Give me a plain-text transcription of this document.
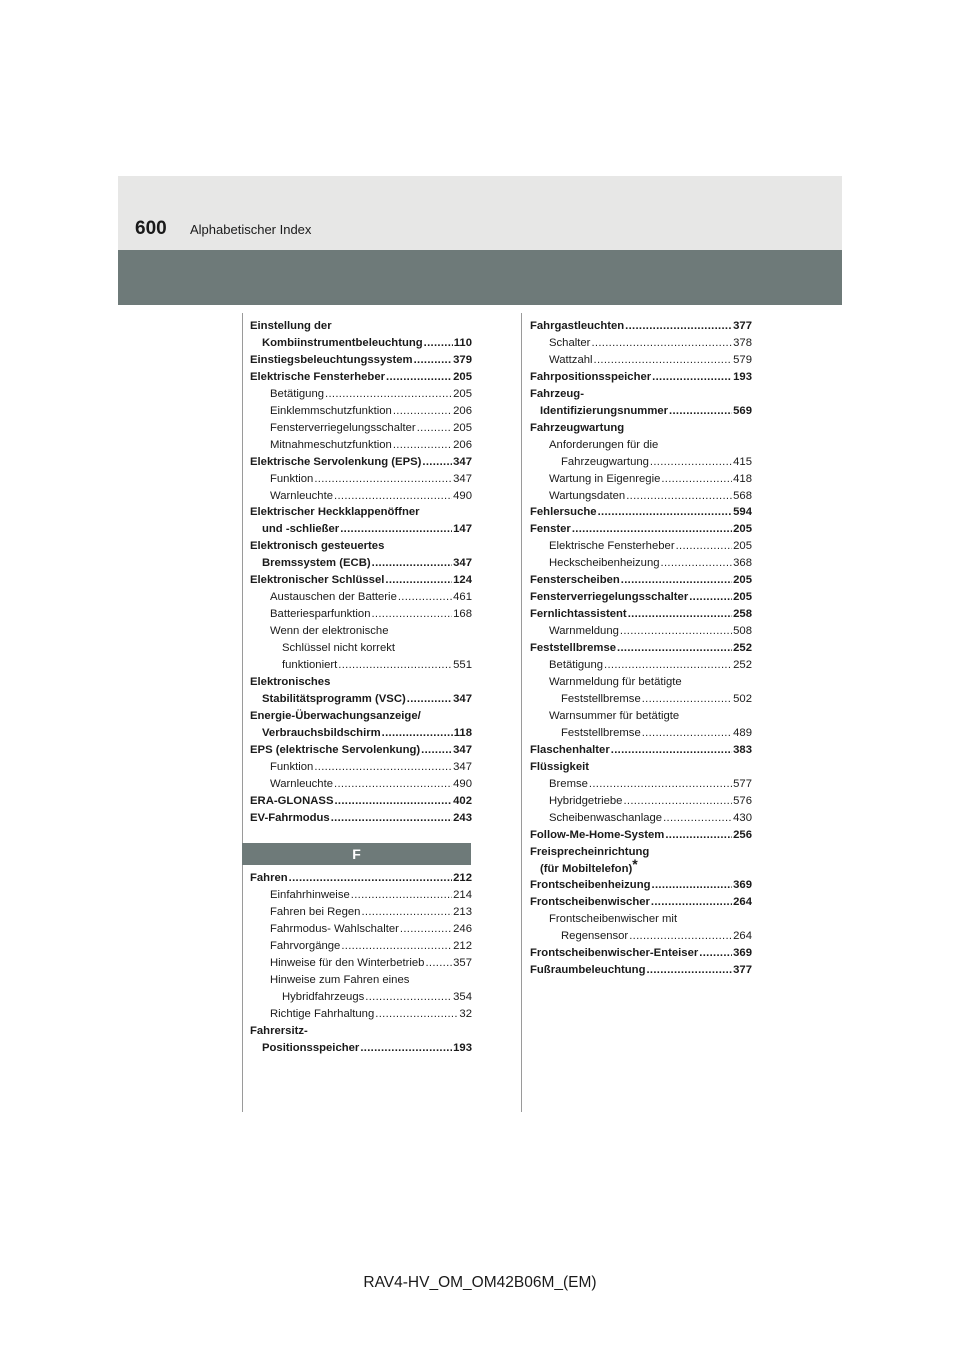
600 Alphabetischer Index
Einstellung der
Kombiinstrumentbeleuchtung .....	110
Einstiegsbeleuchtungssystem .....	379
Elektrische Fensterheber .....	205
Betätigung .....	205
Einklemmschutzfunktion .....	206
Fensterverriegelungsschalter .....	205
Mitnahmeschutzfunktion .....	206
Elektrische Servolenkung (EPS) .....	347
Funktion .....	347
Warnleuchte .....	490
Elektrischer Heckklappenöffner
und -schließer .....	147
Elektronisch gesteuertes
Bremssystem (ECB) .....	347
Elektronischer Schlüssel .....	124
Austauschen der Batterie .....	461
Batteriesparfunktion .....	168
Wenn der elektronische
Schlüssel nicht korrekt
funktioniert .....	551
Elektronisches
Stabilitätsprogramm (VSC) .....	347
Energie-Überwachungsanzeige/
Verbrauchsbildschirm .....	118
EPS (elektrische Servolenkung) .....	347
Funktion .....	347
Warnleuchte .....	490
ERA-GLONASS .....	402
EV-Fahrmodus .....	243
F
Fahren .....	212
Einfahrhinweise .....	214
Fahren bei Regen .....	213
Fahrmodus- Wahlschalter .....	246
Fahrvorgänge .....	212
Hinweise für den Winterbetrieb .....	357
Hinweise zum Fahren eines
Hybridfahrzeugs .....	354
Richtige Fahrhaltung .....	32
Fahrersitz-
Positionsspeicher .....	193
Fahrgastleuchten .....	377
Schalter .....	378
Wattzahl .....	579
Fahrpositionsspeicher .....	193
Fahrzeug-
Identifizierungsnummer .....	569
Fahrzeugwartung
Anforderungen für die
Fahrzeugwartung .....	415
Wartung in Eigenregie .....	418
Wartungsdaten .....	568
Fehlersuche .....	594
Fenster .....	205
Elektrische Fensterheber .....	205
Heckscheibenheizung .....	368
Fensterscheiben .....	205
Fensterverriegelungsschalter .....	205
Fernlichtassistent .....	258
Warnmeldung .....	508
Feststellbremse .....	252
Betätigung .....	252
Warnmeldung für betätigte
Feststellbremse .....	502
Warnsummer für betätigte
Feststellbremse .....	489
Flaschenhalter .....	383
Flüssigkeit
Bremse .....	577
Hybridgetriebe .....	576
Scheibenwaschanlage .....	430
Follow-Me-Home-System .....	256
Freisprecheinrichtung
(für Mobiltelefon)*
Frontscheibenheizung .....	369
Frontscheibenwischer .....	264
Frontscheibenwischer mit
Regensensor .....	264
Frontscheibenwischer-Enteiser .....	369
Fußraumbeleuchtung .....	377
RAV4-HV_OM_OM42B06M_(EM)
